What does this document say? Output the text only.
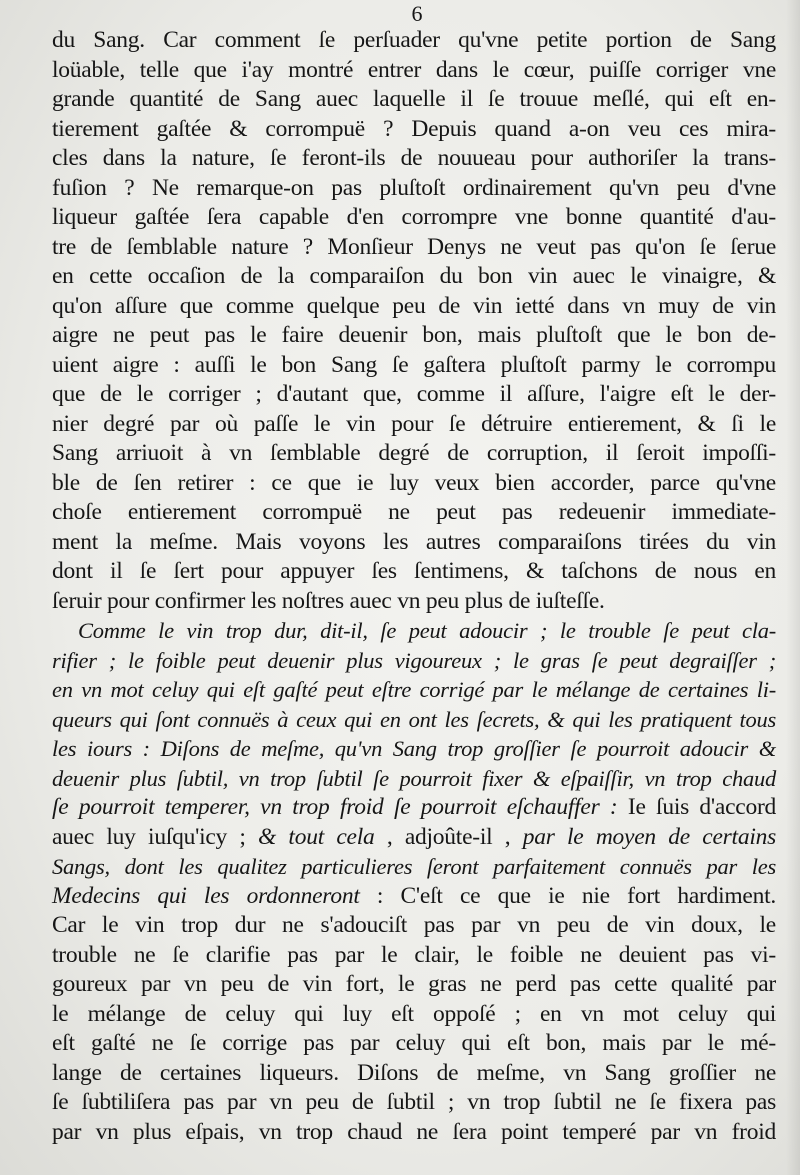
6
du Sang. Car comment ſe perſuader qu'vne petite portion de Sang
loüable, telle que i'ay montré entrer dans le cœur, puiſſe corriger vne
grande quantité de Sang auec laquelle il ſe trouue meſlé, qui eſt en-
tierement gaſtée & corrompuë ? Depuis quand a-on veu ces mira-
cles dans la nature, ſe feront-ils de nouueau pour authoriſer la trans-
fuſion ? Ne remarque-on pas pluſtoſt ordinairement qu'vn peu d'vne
liqueur gaſtée ſera capable d'en corrompre vne bonne quantité d'au-
tre de ſemblable nature ? Monſieur Denys ne veut pas qu'on ſe ſerue
en cette occaſion de la comparaiſon du bon vin auec le vinaigre, &
qu'on aſſure que comme quelque peu de vin ietté dans vn muy de vin
aigre ne peut pas le faire deuenir bon, mais pluſtoſt que le bon de-
uient aigre : auſſi le bon Sang ſe gaſtera pluſtoſt parmy le corrompu
que de le corriger ; d'autant que, comme il aſſure, l'aigre eſt le der-
nier degré par où paſſe le vin pour ſe détruire entierement, & ſi le
Sang arriuoit à vn ſemblable degré de corruption, il ſeroit impoſſi-
ble de ſen retirer : ce que ie luy veux bien accorder, parce qu'vne
choſe entierement corrompuë ne peut pas redeuenir immediate-
ment la meſme. Mais voyons les autres comparaiſons tirées du vin
dont il ſe ſert pour appuyer ſes ſentimens, & taſchons de nous en
ſeruir pour confirmer les noſtres auec vn peu plus de iuſteſſe.
Comme le vin trop dur, dit-il, ſe peut adoucir ; le trouble ſe peut cla-
rifier ; le foible peut deuenir plus vigoureux ; le gras ſe peut degraiſſer ;
en vn mot celuy qui eſt gaſté peut eſtre corrigé par le mélange de certaines li-
queurs qui ſont connuës à ceux qui en ont les ſecrets, & qui les pratiquent tous
les iours : Diſons de meſme, qu'vn Sang trop groſſier ſe pourroit adoucir &
deuenir plus ſubtil, vn trop ſubtil ſe pourroit fixer & eſpaiſſir, vn trop chaud
ſe pourroit temperer, vn trop froid ſe pourroit eſchauffer : Ie ſuis d'accord
auec luy iuſqu'icy ; & tout cela , adjoûte-il , par le moyen de certains
Sangs, dont les qualitez particulieres ſeront parfaitement connuës par les
Medecins qui les ordonneront : C'eſt ce que ie nie fort hardiment.
Car le vin trop dur ne s'adouciſt pas par vn peu de vin doux, le
trouble ne ſe clarifie pas par le clair, le foible ne deuient pas vi-
goureux par vn peu de vin fort, le gras ne perd pas cette qualité par
le mélange de celuy qui luy eſt oppoſé ; en vn mot celuy qui
eſt gaſté ne ſe corrige pas par celuy qui eſt bon, mais par le mé-
lange de certaines liqueurs. Diſons de meſme, vn Sang groſſier ne
ſe ſubtiliſera pas par vn peu de ſubtil ; vn trop ſubtil ne ſe fixera pas
par vn plus eſpais, vn trop chaud ne ſera point temperé par vn froid
